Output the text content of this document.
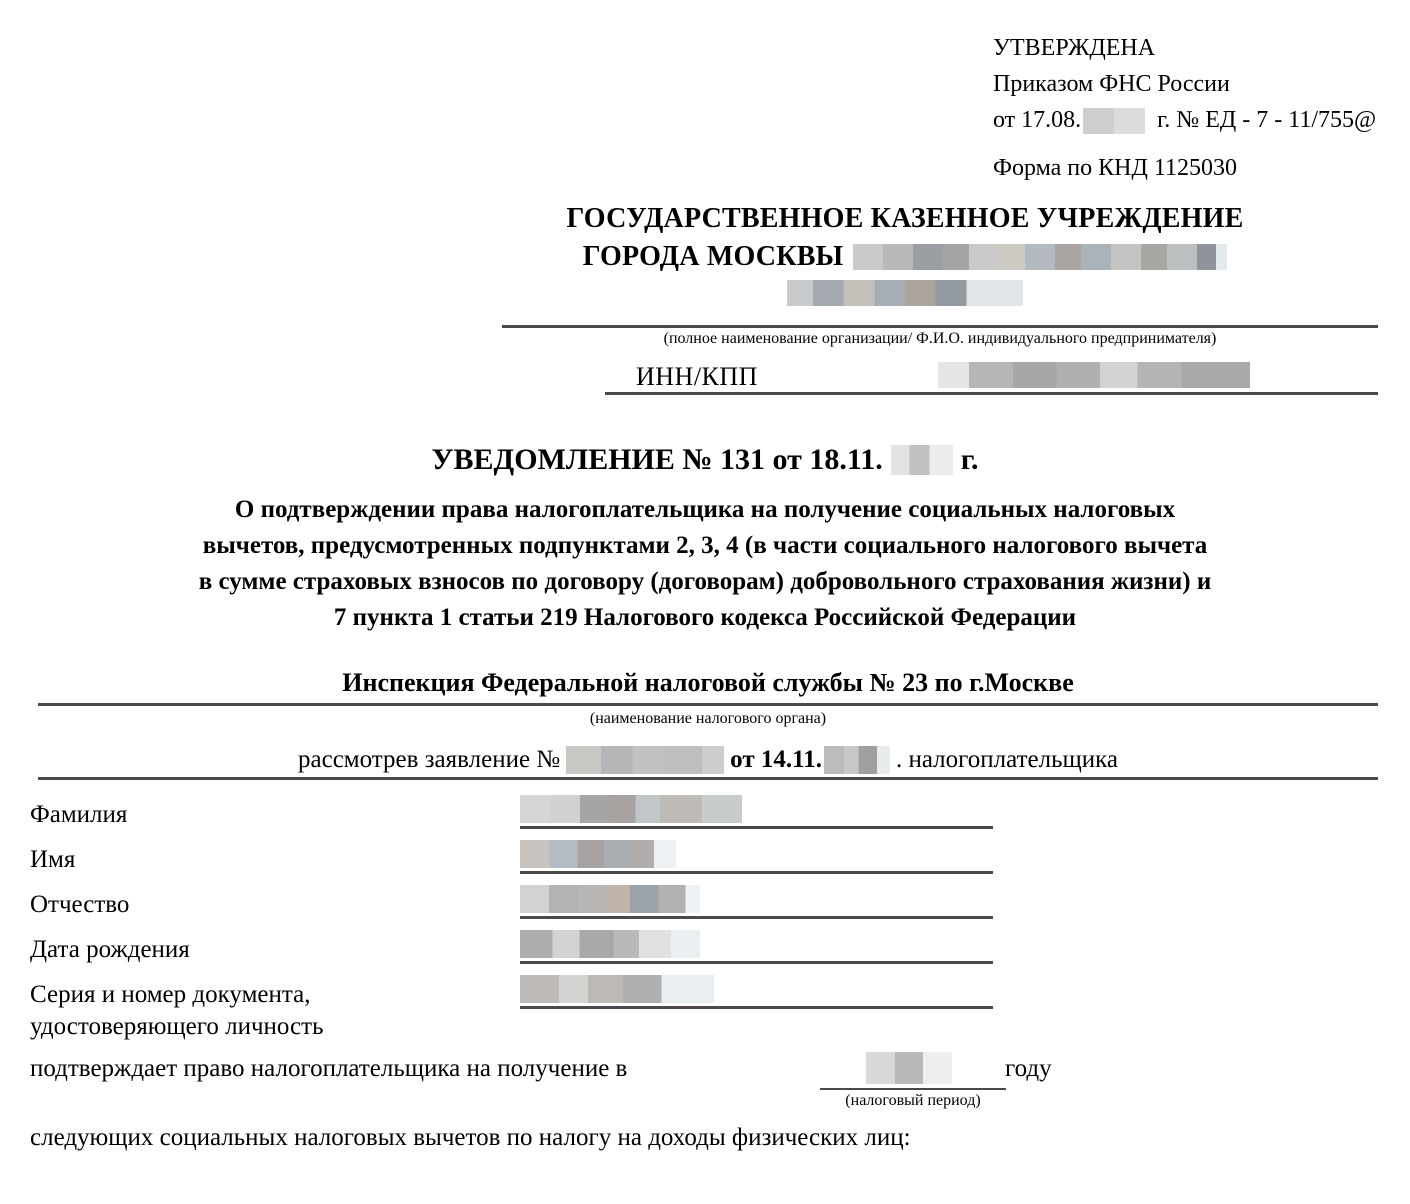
УТВЕРЖДЕНА
Приказом ФНС России
от 17.08.	г. № ЕД - 7 - 11/755@
Форма по КНД 1125030
ГОСУДАРСТВЕННОЕ КАЗЕННОЕ УЧРЕЖДЕНИЕ
ГОРОДА МОСКВЫ
(полное наименование организации/ Ф.И.О. индивидуального предпринимателя)
ИНН/КПП
УВЕДОМЛЕНИЕ № 131 от 18.11.	г.
О подтверждении права налогоплательщика на получение социальных налоговых
вычетов, предусмотренных подпунктами 2, 3, 4 (в части социального налогового вычета
в сумме страховых взносов по договору (договорам) добровольного страхования жизни) и
7 пункта 1 статьи 219 Налогового кодекса Российской Федерации
Инспекция Федеральной налоговой службы № 23 по г.Москве
(наименование налогового органа)
рассмотрев заявление №	от 14.11.	. налогоплательщика
Фамилия
Имя
Отчество
Дата рождения
Серия и номер документа,
удостоверяющего личность
подтверждает право налогоплательщика на получение в
(налоговый период)
году
следующих социальных налоговых вычетов по налогу на доходы физических лиц:
